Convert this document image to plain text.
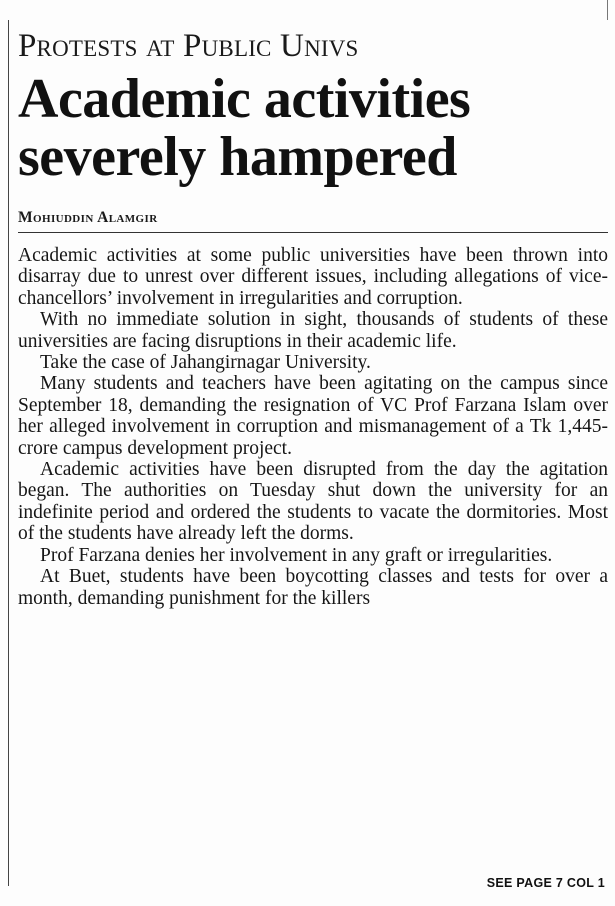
Protests at Public Univs
Academic activities
severely hampered
Mohiuddin Alamgir

Academic activities at some public universities have been thrown into disarray due to unrest over different issues, including allegations of vice-chancellors’ involvement in irregularities and corruption.

With no immediate solution in sight, thousands of students of these universities are facing disruptions in their academic life.

Take the case of Jahangirnagar University.

Many students and teachers have been agitating on the campus since September 18, demanding the resignation of VC Prof Farzana Islam over her alleged involvement in corruption and mismanagement of a Tk 1,445-crore campus development project.

Academic activities have been disrupted from the day the agitation began. The authorities on Tuesday shut down the university for an indefinite period and ordered the students to vacate the dormitories. Most of the students have already left the dorms.

Prof Farzana denies her involvement in any graft or irregularities.

At Buet, students have been boycotting classes and tests for over a month, demanding punishment for the killers

SEE PAGE 7 COL 1
